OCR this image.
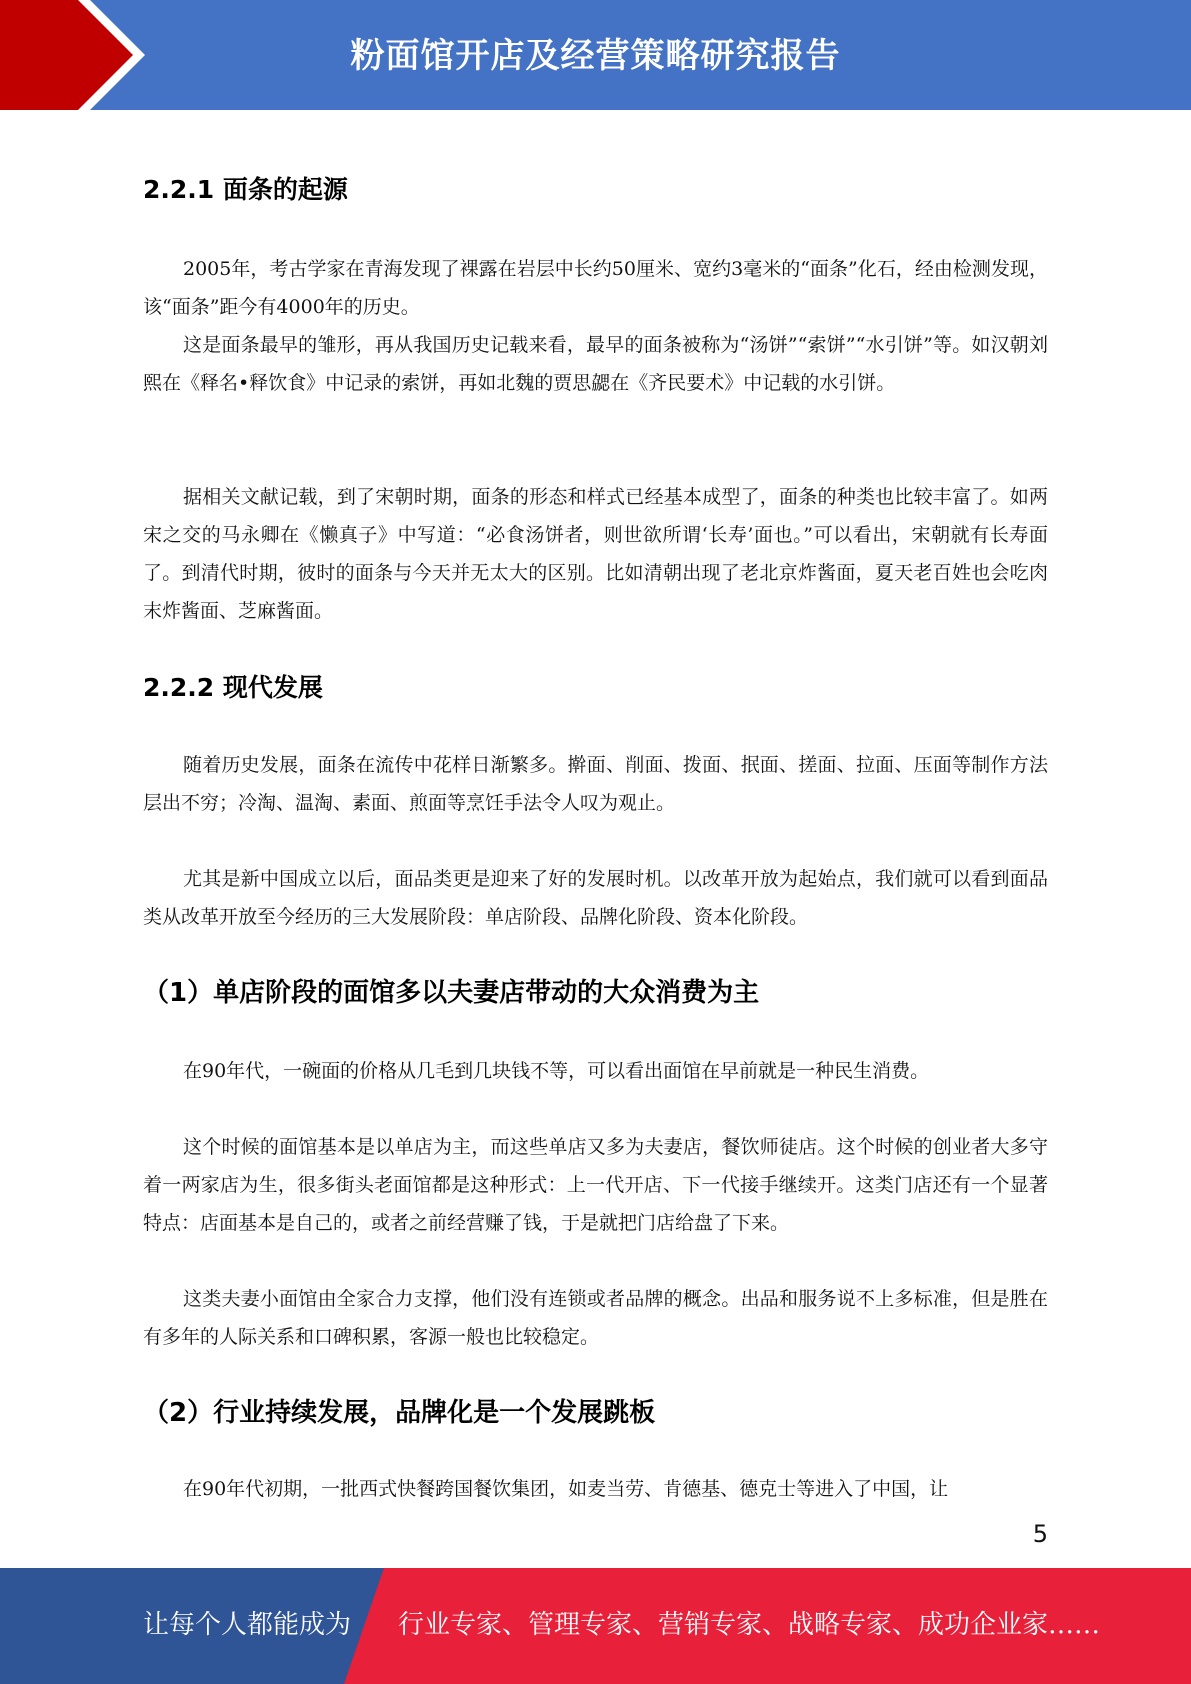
粉面馆开店及经营策略研究报告
2.2.1 面条的起源
2005年，考古学家在青海发现了裸露在岩层中长约50厘米、宽约3毫米的“面条”化石，经由检测发现，该“面条”距今有4000年的历史。
这是面条最早的雏形，再从我国历史记载来看，最早的面条被称为“汤饼”“索饼”“水引饼”等。如汉朝刘熙在《释名•释饮食》中记录的索饼，再如北魏的贾思勰在《齐民要术》中记载的水引饼。
据相关文献记载，到了宋朝时期，面条的形态和样式已经基本成型了，面条的种类也比较丰富了。如两宋之交的马永卿在《懒真子》中写道：“必食汤饼者，则世欲所谓‘长寿’面也。”可以看出，宋朝就有长寿面了。到清代时期，彼时的面条与今天并无太大的区别。比如清朝出现了老北京炸酱面，夏天老百姓也会吃肉末炸酱面、芝麻酱面。
2.2.2 现代发展
随着历史发展，面条在流传中花样日渐繁多。擀面、削面、拨面、抿面、搓面、拉面、压面等制作方法层出不穷；冷淘、温淘、素面、煎面等烹饪手法令人叹为观止。
尤其是新中国成立以后，面品类更是迎来了好的发展时机。以改革开放为起始点，我们就可以看到面品类从改革开放至今经历的三大发展阶段：单店阶段、品牌化阶段、资本化阶段。
（1）单店阶段的面馆多以夫妻店带动的大众消费为主
在90年代，一碗面的价格从几毛到几块钱不等，可以看出面馆在早前就是一种民生消费。
这个时候的面馆基本是以单店为主，而这些单店又多为夫妻店，餐饮师徒店。这个时候的创业者大多守着一两家店为生，很多街头老面馆都是这种形式：上一代开店、下一代接手继续开。这类门店还有一个显著特点：店面基本是自己的，或者之前经营赚了钱，于是就把门店给盘了下来。
这类夫妻小面馆由全家合力支撑，他们没有连锁或者品牌的概念。出品和服务说不上多标准，但是胜在有多年的人际关系和口碑积累，客源一般也比较稳定。
（2）行业持续发展，品牌化是一个发展跳板
在90年代初期，一批西式快餐跨国餐饮集团，如麦当劳、肯德基、德克士等进入了中国，让
5
让每个人都能成为 行业专家、管理专家、营销专家、战略专家、成功企业家……
